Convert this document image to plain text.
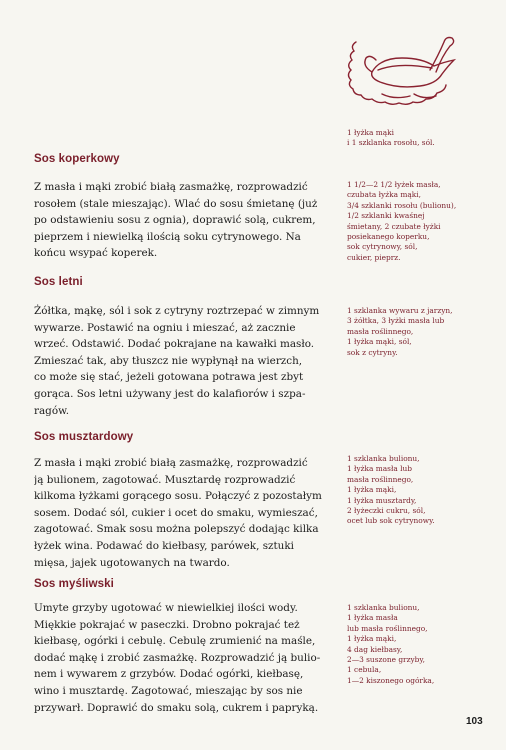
1 łyżka mąki
i 1 szklanka rosołu, sól.
Sos koperkowy
Z masła i mąki zrobić białą zasmażkę, rozprowadzić
rosołem (stale mieszając). Wlać do sosu śmietanę (już
po odstawieniu sosu z ognia), doprawić solą, cukrem,
pieprzem i niewielką ilością soku cytrynowego. Na
końcu wsypać koperek.
1 1/2—2 1/2 łyżek masła,
czubata łyżka mąki,
3/4 szklanki rosołu (bulionu),
1/2 szklanki kwaśnej
śmietany, 2 czubate łyżki
posiekanego koperku,
sok cytrynowy, sól,
cukier, pieprz.
Sos letni
Żółtka, mąkę, sól i sok z cytryny roztrzepać w zimnym
wywarze. Postawić na ogniu i mieszać, aż zacznie
wrzeć. Odstawić. Dodać pokrajane na kawałki masło.
Zmieszać tak, aby tłuszcz nie wypłynął na wierzch,
co może się stać, jeżeli gotowana potrawa jest zbyt
gorąca. Sos letni używany jest do kalafiorów i szpa-
ragów.
1 szklanka wywaru z jarzyn,
3 żółtka, 3 łyżki masła lub
masła roślinnego,
1 łyżka mąki, sól,
sok z cytryny.
Sos musztardowy
Z masła i mąki zrobić białą zasmażkę, rozprowadzić
ją bulionem, zagotować. Musztardę rozprowadzić
kilkoma łyżkami gorącego sosu. Połączyć z pozostałym
sosem. Dodać sól, cukier i ocet do smaku, wymieszać,
zagotować. Smak sosu można polepszyć dodając kilka
łyżek wina. Podawać do kiełbasy, parówek, sztuki
mięsa, jajek ugotowanych na twardo.
1 szklanka bulionu,
1 łyżka masła lub
masła roślinnego,
1 łyżka mąki,
1 łyżka musztardy,
2 łyżeczki cukru, sól,
ocet lub sok cytrynowy.
Sos myśliwski
Umyte grzyby ugotować w niewielkiej ilości wody.
Miękkie pokrajać w paseczki. Drobno pokrajać też
kiełbasę, ogórki i cebulę. Cebulę zrumienić na maśle,
dodać mąkę i zrobić zasmażkę. Rozprowadzić ją bulio-
nem i wywarem z grzybów. Dodać ogórki, kiełbasę,
wino i musztardę. Zagotować, mieszając by sos nie
przywarł. Doprawić do smaku solą, cukrem i papryką.
1 szklanka bulionu,
1 łyżka masła
lub masła roślinnego,
1 łyżka mąki,
4 dag kiełbasy,
2—3 suszone grzyby,
1 cebula,
1—2 kiszonego ogórka,
103
